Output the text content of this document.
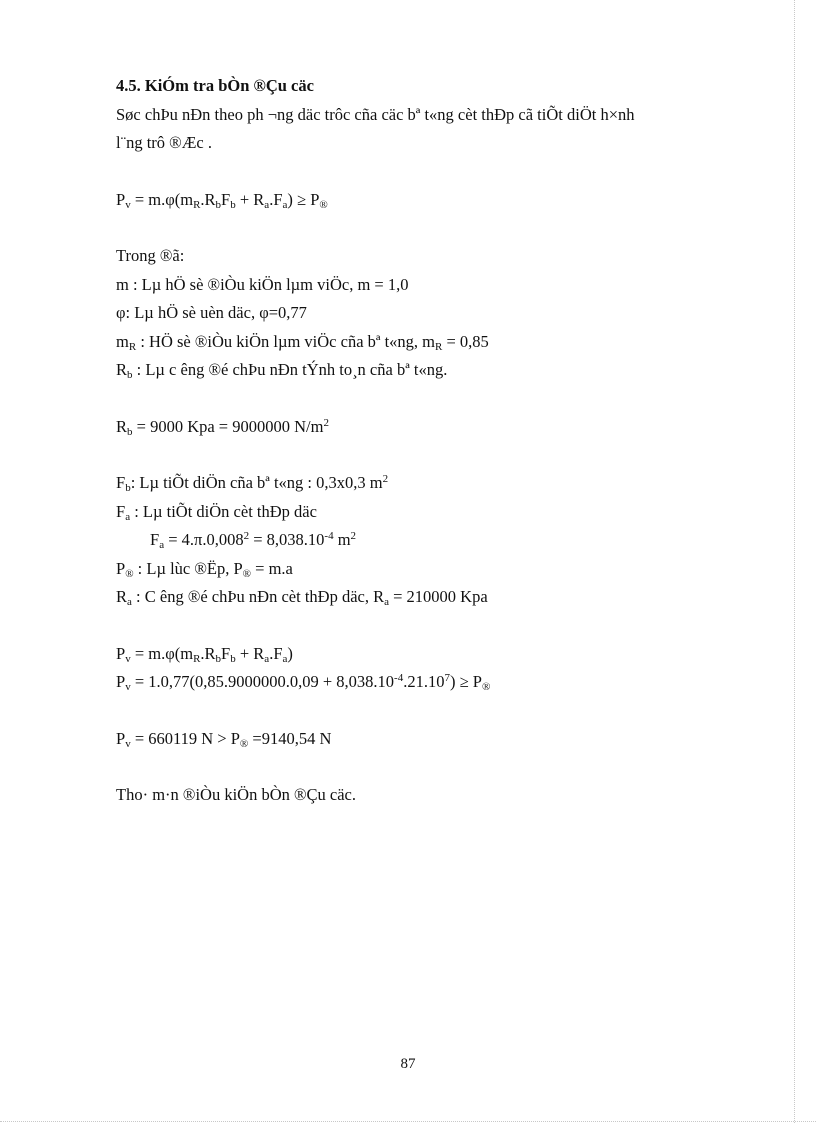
4.5. KiÓm tra bÒn ®Çu cäc
Søc chÞu nÐn theo ph ¬ng däc trôc cña cäc bª t«ng cèt thÐp cã tiÕt diÖt h×nh
l¨ng trô ®Æc .
$P_v = m.\varphi(m_R.R_bF_b + R_a.F_a) \ge P_®$
Trong ®ã:
m : Lµ hÖ sè ®iÒu kiÖn lµm viÖc, m = 1,0
φ: Lµ hÖ sè uèn däc, φ=0,77
$m_R$ : HÖ sè ®iÒu kiÖn lµm viÖc cña bª t«ng, $m_R = 0,85$
$R_b$ : Lµ c êng ®é chÞu nÐn tÝnh to¸n cña bª t«ng.
$R_b = 9000$ Kpa = 9000000 $N/m^2$
$F_b$: Lµ tiÕt diÖn cña bª t«ng : 0,3x0,3 $m^2$
$F_a$ : Lµ tiÕt diÖn cèt thÐp däc
$F_a = 4.\pi.0,008^2 = 8,038.10^{-4}$ $m^2$
$P_®$ : Lµ lùc ®Ëp, $P_® = m.a$
$R_a$ : C êng ®é chÞu nÐn cèt thÐp däc, $R_a = 210000$ Kpa
$P_v = m.\varphi(m_R.R_bF_b + R_a.F_a)$
$P_v = 1.0,77(0,85.9000000.0,09 + 8,038.10^{-4}.21.10^7) \ge P_®$
$P_v = 660119$ $N > P_® =9140,54$ N
Tho· m·n ®iÒu kiÖn bÒn ®Çu cäc.
87
